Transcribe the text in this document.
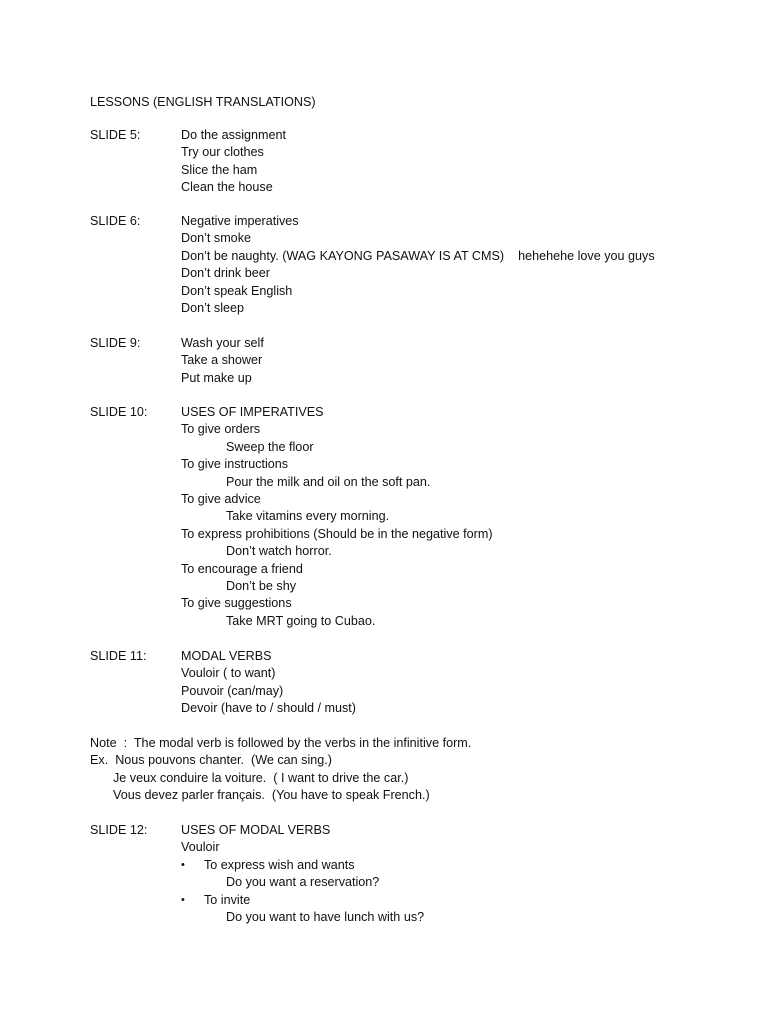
LESSONS (ENGLISH TRANSLATIONS)
SLIDE 5:	Do the assignment
Try our clothes
Slice the ham
Clean the house
SLIDE 6:	Negative imperatives
Don’t smoke
Don’t be naughty. (WAG KAYONG PASAWAY IS AT CMS)    hehehehe love you guys
Don’t drink beer
Don’t speak English
Don’t sleep
SLIDE 9:	Wash your self
Take a shower
Put make up
SLIDE 10:	USES OF IMPERATIVES
To give orders
Sweep the floor
To give instructions
Pour the milk and oil on the soft pan.
To give advice
Take vitamins every morning.
To express prohibitions (Should be in the negative form)
Don’t watch horror.
To encourage a friend
Don’t be shy
To give suggestions
Take MRT going to Cubao.
SLIDE 11:	MODAL VERBS
Vouloir ( to want)
Pouvoir (can/may)
Devoir (have to / should / must)
Note  :  The modal verb is followed by the verbs in the infinitive form.
Ex.  Nous pouvons chanter.  (We can sing.)
Je veux conduire la voiture.  ( I want to drive the car.)
Vous devez parler français.  (You have to speak French.)
SLIDE 12:	USES OF MODAL VERBS
Vouloir
• To express wish and wants
Do you want a reservation?
• To invite
Do you want to have lunch with us?
